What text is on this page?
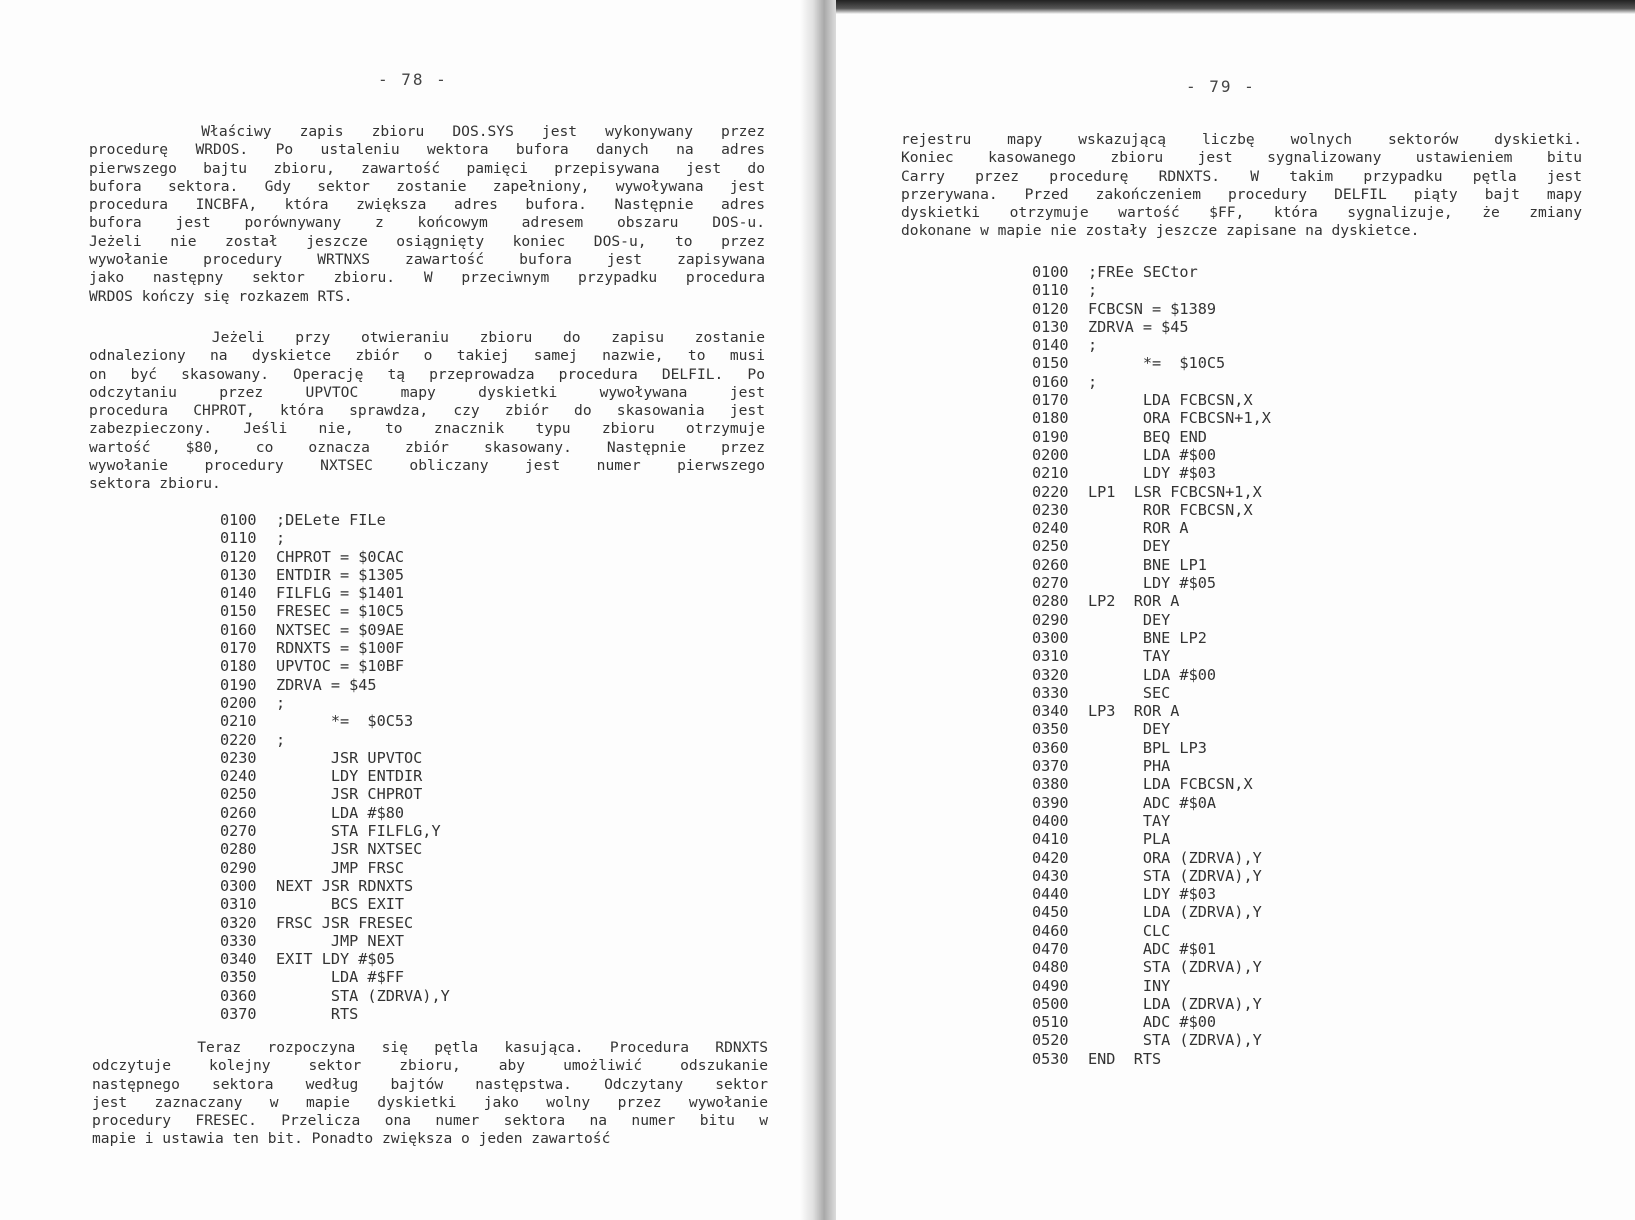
- 78 -
Właściwy zapis zbioru DOS.SYS jest wykonywany przez
procedurę WRDOS. Po ustaleniu wektora bufora danych na adres
pierwszego bajtu zbioru, zawartość pamięci przepisywana jest do
bufora sektora. Gdy sektor zostanie zapełniony, wywoływana jest
procedura INCBFA, która zwiększa adres bufora. Następnie adres
bufora jest porównywany z końcowym adresem obszaru DOS-u.
Jeżeli nie został jeszcze osiągnięty koniec DOS-u, to przez
wywołanie procedury WRTNXS zawartość bufora jest zapisywana
jako następny sektor zbioru. W przeciwnym przypadku procedura
WRDOS kończy się rozkazem RTS.
Jeżeli przy otwieraniu zbioru do zapisu zostanie
odnaleziony na dyskietce zbiór o takiej samej nazwie, to musi
on być skasowany. Operację tą przeprowadza procedura DELFIL. Po
odczytaniu przez UPVTOC mapy dyskietki wywoływana jest
procedura CHPROT, która sprawdza, czy zbiór do skasowania jest
zabezpieczony. Jeśli nie, to znacznik typu zbioru otrzymuje
wartość $80, co oznacza zbiór skasowany. Następnie przez
wywołanie procedury NXTSEC obliczany jest numer pierwszego
sektora zbioru.
0100 ;DELete FILe
0110 ;
0120 CHPROT = $0CAC
0130 ENTDIR = $1305
0140 FILFLG = $1401
0150 FRESEC = $10C5
0160 NXTSEC = $09AE
0170 RDNXTS = $100F
0180 UPVTOC = $10BF
0190 ZDRVA = $45
0200 ;
0210      *=  $0C53
0220 ;
0230      JSR UPVTOC
0240      LDY ENTDIR
0250      JSR CHPROT
0260      LDA #$80
0270      STA FILFLG,Y
0280      JSR NXTSEC
0290      JMP FRSC
0300 NEXT JSR RDNXTS
0310      BCS EXIT
0320 FRSC JSR FRESEC
0330      JMP NEXT
0340 EXIT LDY #$05
0350      LDA #$FF
0360      STA (ZDRVA),Y
0370      RTS
Teraz rozpoczyna się pętla kasująca. Procedura RDNXTS
odczytuje kolejny sektor zbioru, aby umożliwić odszukanie
następnego sektora według bajtów następstwa. Odczytany sektor
jest zaznaczany w mapie dyskietki jako wolny przez wywołanie
procedury FRESEC. Przelicza ona numer sektora na numer bitu w
mapie i ustawia ten bit. Ponadto zwiększa o jeden zawartość
- 79 -
rejestru mapy wskazującą liczbę wolnych sektorów dyskietki.
Koniec kasowanego zbioru jest sygnalizowany ustawieniem bitu
Carry przez procedurę RDNXTS. W takim przypadku pętla jest
przerywana. Przed zakończeniem procedury DELFIL piąty bajt mapy
dyskietki otrzymuje wartość $FF, która sygnalizuje, że zmiany
dokonane w mapie nie zostały jeszcze zapisane na dyskietce.
0100 ;FREe SECtor
0110 ;
0120 FCBCSN = $1389
0130 ZDRVA = $45
0140 ;
0150      *=  $10C5
0160 ;
0170      LDA FCBCSN,X
0180      ORA FCBCSN+1,X
0190      BEQ END
0200      LDA #$00
0210      LDY #$03
0220 LP1  LSR FCBCSN+1,X
0230      ROR FCBCSN,X
0240      ROR A
0250      DEY
0260      BNE LP1
0270      LDY #$05
0280 LP2  ROR A
0290      DEY
0300      BNE LP2
0310      TAY
0320      LDA #$00
0330      SEC
0340 LP3  ROR A
0350      DEY
0360      BPL LP3
0370      PHA
0380      LDA FCBCSN,X
0390      ADC #$0A
0400      TAY
0410      PLA
0420      ORA (ZDRVA),Y
0430      STA (ZDRVA),Y
0440      LDY #$03
0450      LDA (ZDRVA),Y
0460      CLC
0470      ADC #$01
0480      STA (ZDRVA),Y
0490      INY
0500      LDA (ZDRVA),Y
0510      ADC #$00
0520      STA (ZDRVA),Y
0530 END  RTS
